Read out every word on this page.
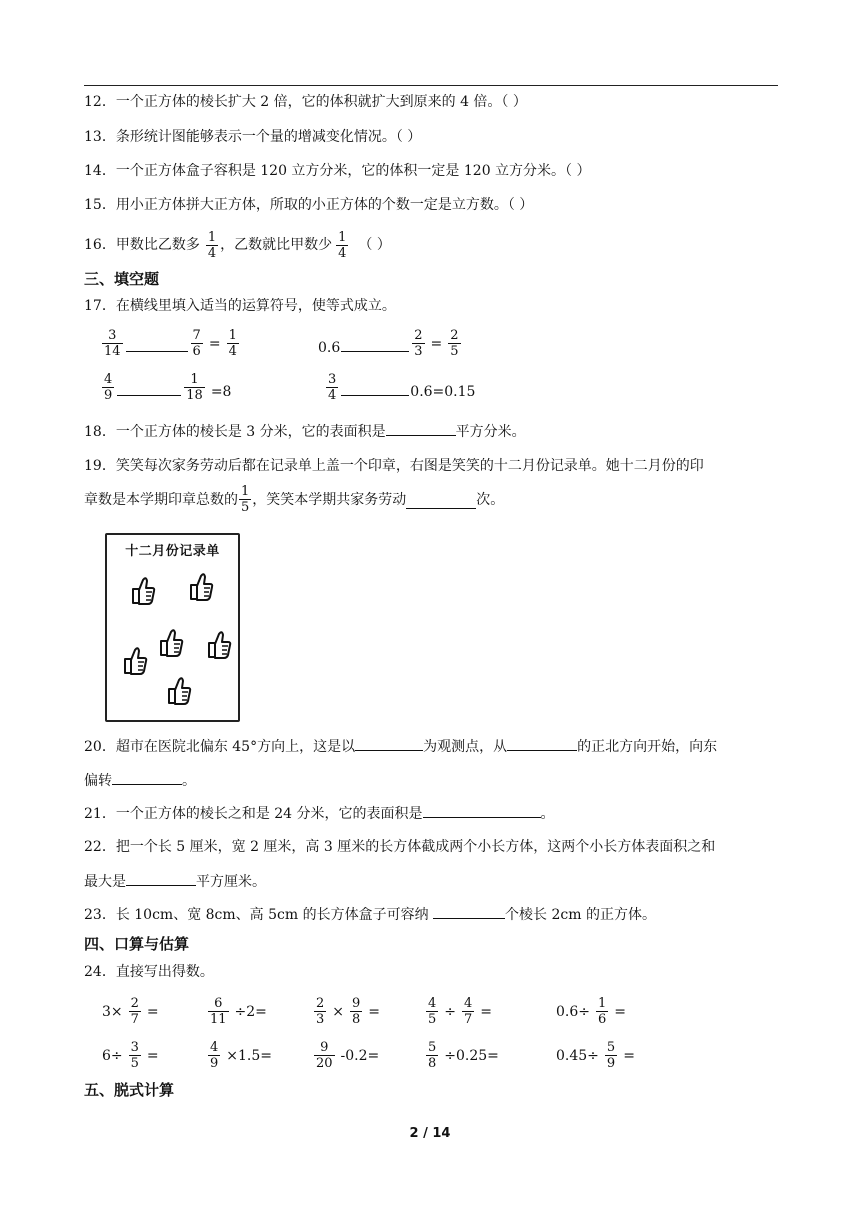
12．一个正方体的棱长扩大 2 倍，它的体积就扩大到原来的 4 倍。（ ）
13．条形统计图能够表示一个量的增减变化情况。（ ）
14．一个正方体盒子容积是 120 立方分米，它的体积一定是 120 立方分米。（ ）
15．用小正方体拼大正方体，所取的小正方体的个数一定是立方数。（ ）
16．甲数比乙数多 $\frac{1}{4}$ ，乙数就比甲数少 $\frac{1}{4}$ （ ）
三、填空题
17．在横线里填入适当的运算符号，使等式成立。
$\frac{3}{14}$	$\frac{7}{6} = \frac{1}{4}$	0.6	$\frac{2}{3} = \frac{2}{5}$
$\frac{4}{9}$	$\frac{1}{18} =8$	$\frac{3}{4}$	0.6=0.15
18．一个正方体的棱长是 3 分米，它的表面积是	平方分米。
19．笑笑每次家务劳动后都在记录单上盖一个印章，右图是笑笑的十二月份记录单。她十二月份的印
章数是本学期印章总数的 $\frac{1}{5}$ ，笑笑本学期共家务劳动	次。
十二月份记录单
20．超市在医院北偏东 45°方向上，这是以	为观测点，从	的正北方向开始，向东
偏转	。
21．一个正方体的棱长之和是 24 分米，它的表面积是	。
22．把一个长 5 厘米，宽 2 厘米，高 3 厘米的长方体截成两个小长方体，这两个小长方体表面积之和
最大是	平方厘米。
23．长 10cm、宽 8cm、高 5cm 的长方体盒子可容纳	个棱长 2cm 的正方体。
四、口算与估算
24．直接写出得数。
$3\times \frac{2}{7}$ =	$\frac{6}{11} \div 2=$	$\frac{2}{3} \times \frac{9}{8}$ =	$\frac{4}{5} \div \frac{4}{7}$ =	$0.6\div \frac{1}{6}$ =
$6\div \frac{3}{5}$ =	$\frac{4}{9} \times 1.5=$	$\frac{9}{20} -0.2=$	$\frac{5}{8} \div 0.25=$	$0.45\div \frac{5}{9}$ =
五、脱式计算
2 / 14
